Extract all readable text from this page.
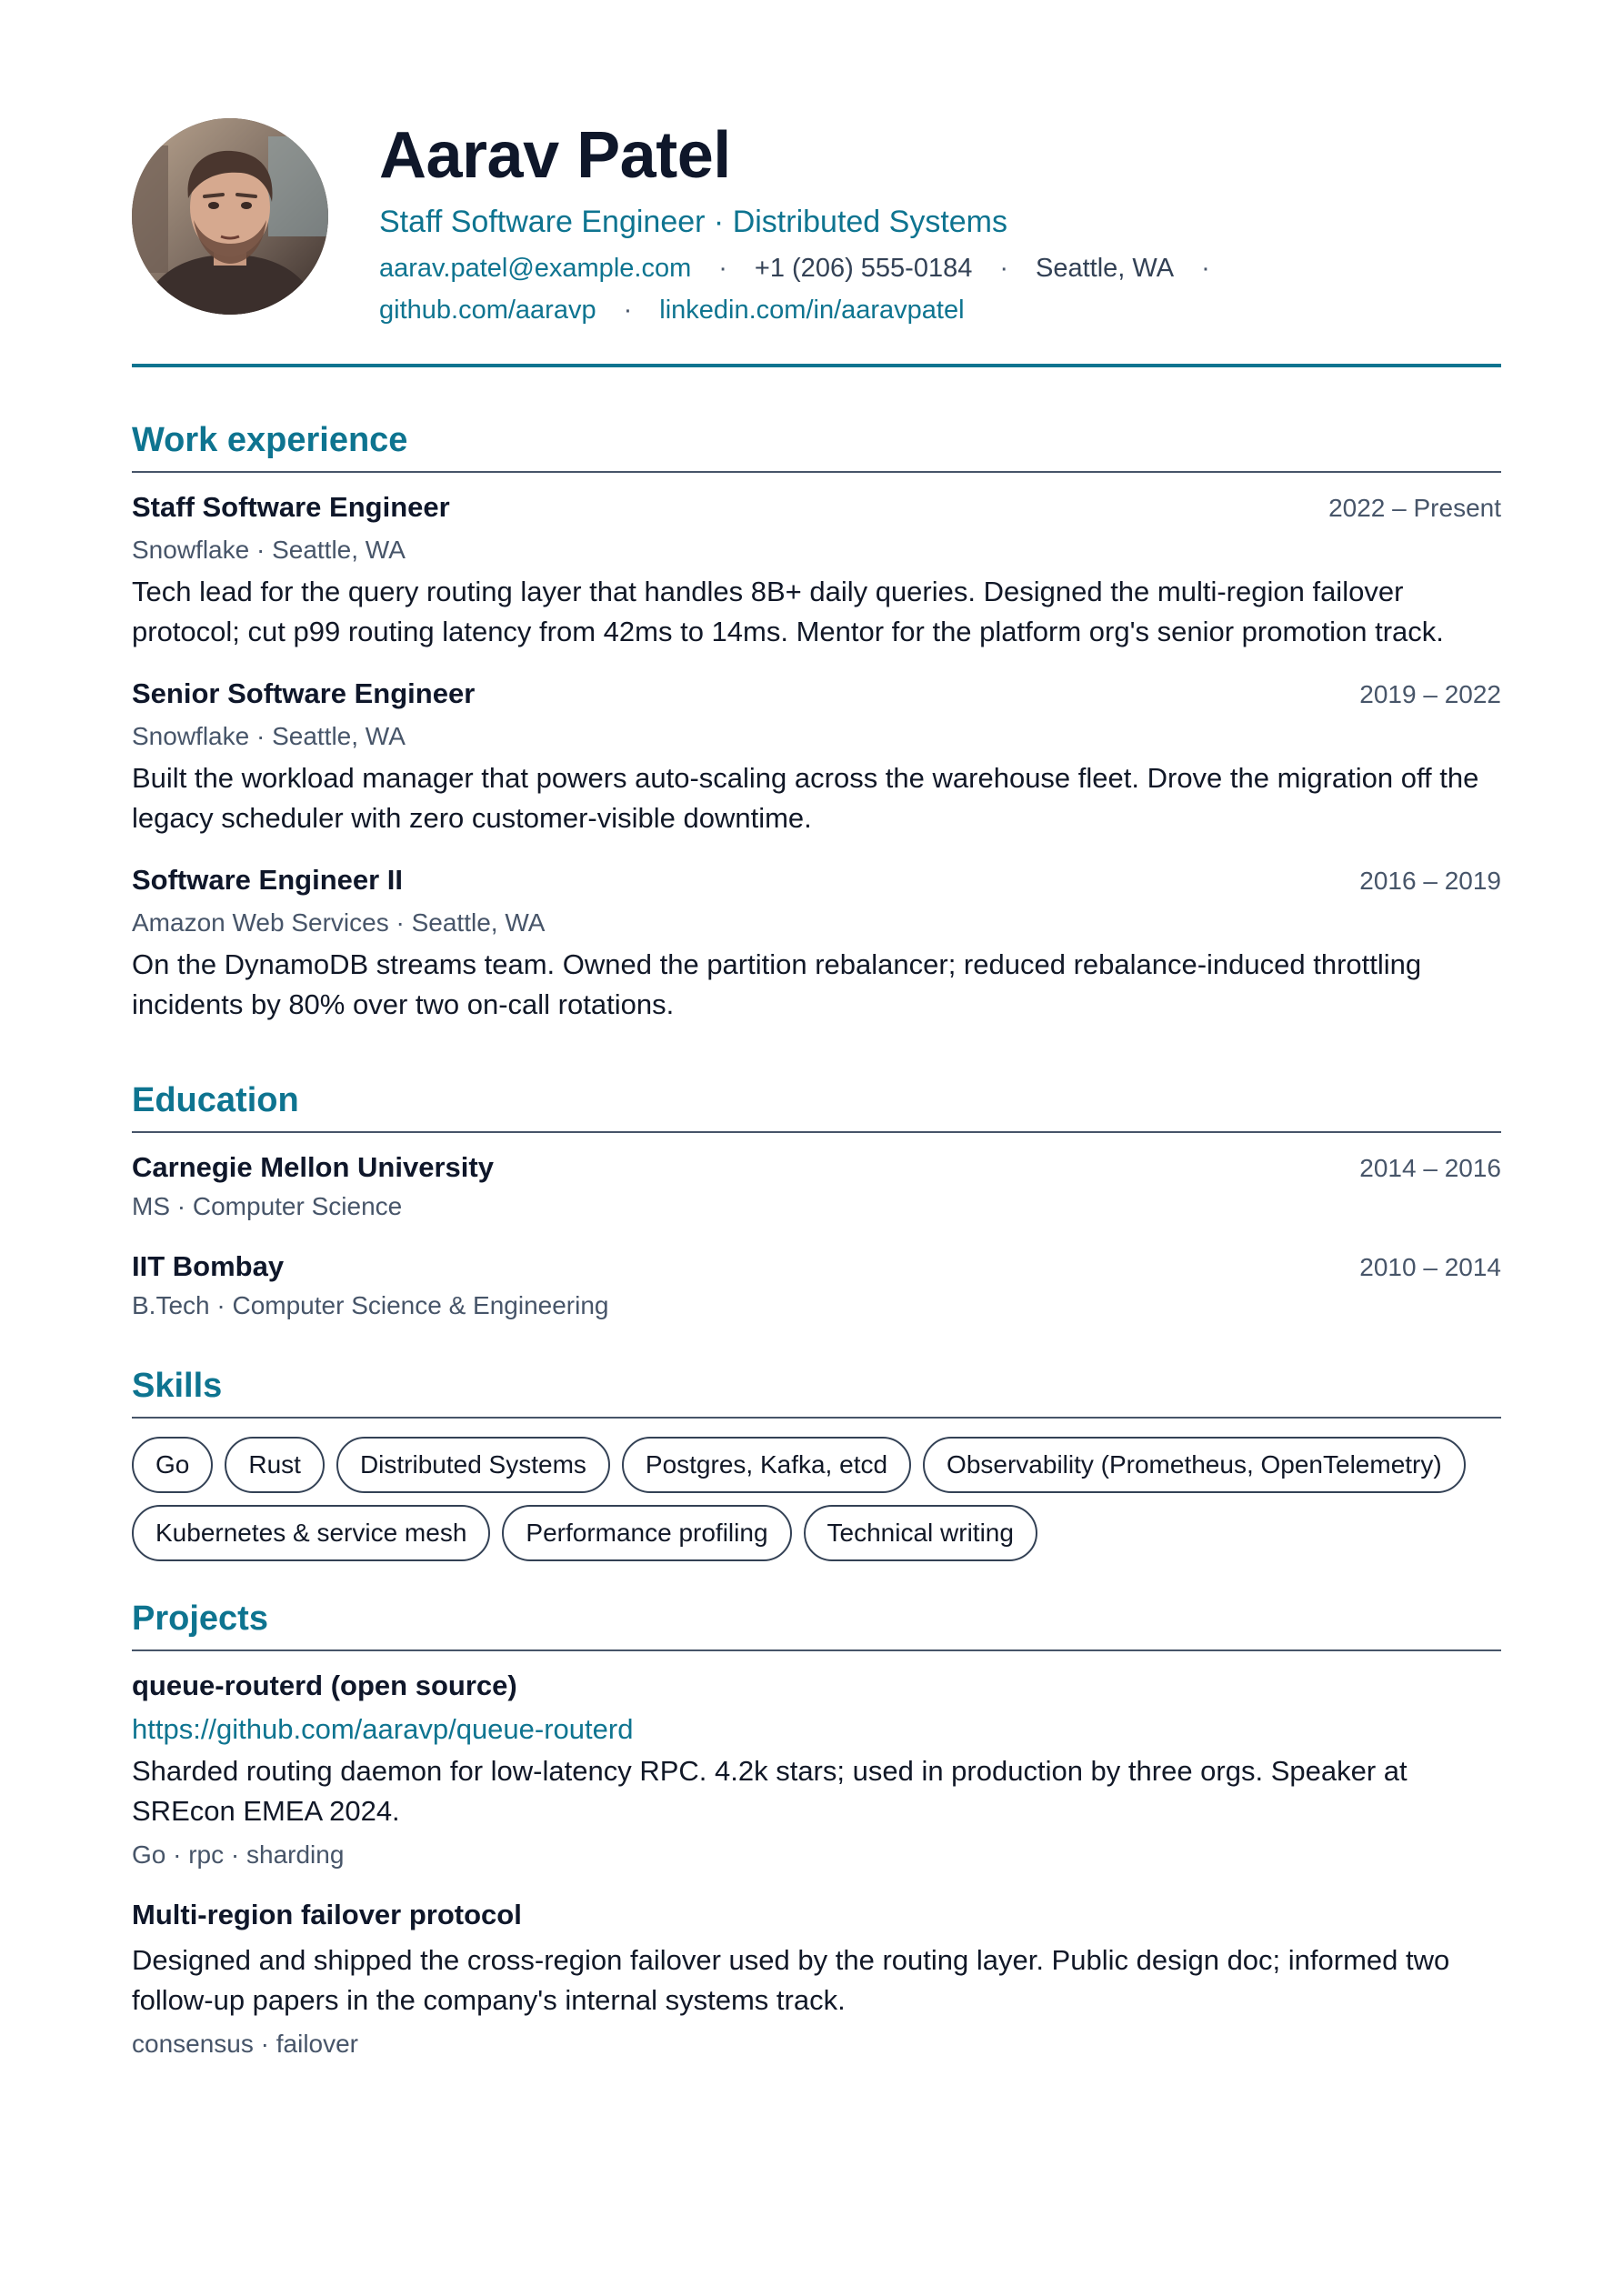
Aarav Patel
Staff Software Engineer · Distributed Systems
aarav.patel@example.com · +1 (206) 555-0184 · Seattle, WA ·
github.com/aaravp · linkedin.com/in/aaravpatel
Work experience
Staff Software Engineer	2022 – Present
Snowflake · Seattle, WA
Tech lead for the query routing layer that handles 8B+ daily queries. Designed the multi-region failover protocol; cut p99 routing latency from 42ms to 14ms. Mentor for the platform org's senior promotion track.
Senior Software Engineer	2019 – 2022
Snowflake · Seattle, WA
Built the workload manager that powers auto-scaling across the warehouse fleet. Drove the migration off the legacy scheduler with zero customer-visible downtime.
Software Engineer II	2016 – 2019
Amazon Web Services · Seattle, WA
On the DynamoDB streams team. Owned the partition rebalancer; reduced rebalance-induced throttling incidents by 80% over two on-call rotations.
Education
Carnegie Mellon University	2014 – 2016
MS · Computer Science
IIT Bombay	2010 – 2014
B.Tech · Computer Science & Engineering
Skills
Go	Rust	Distributed Systems	Postgres, Kafka, etcd	Observability (Prometheus, OpenTelemetry)
Kubernetes & service mesh	Performance profiling	Technical writing
Projects
queue-routerd (open source)
https://github.com/aaravp/queue-routerd
Sharded routing daemon for low-latency RPC. 4.2k stars; used in production by three orgs. Speaker at SREcon EMEA 2024.
Go · rpc · sharding
Multi-region failover protocol
Designed and shipped the cross-region failover used by the routing layer. Public design doc; informed two follow-up papers in the company's internal systems track.
consensus · failover
